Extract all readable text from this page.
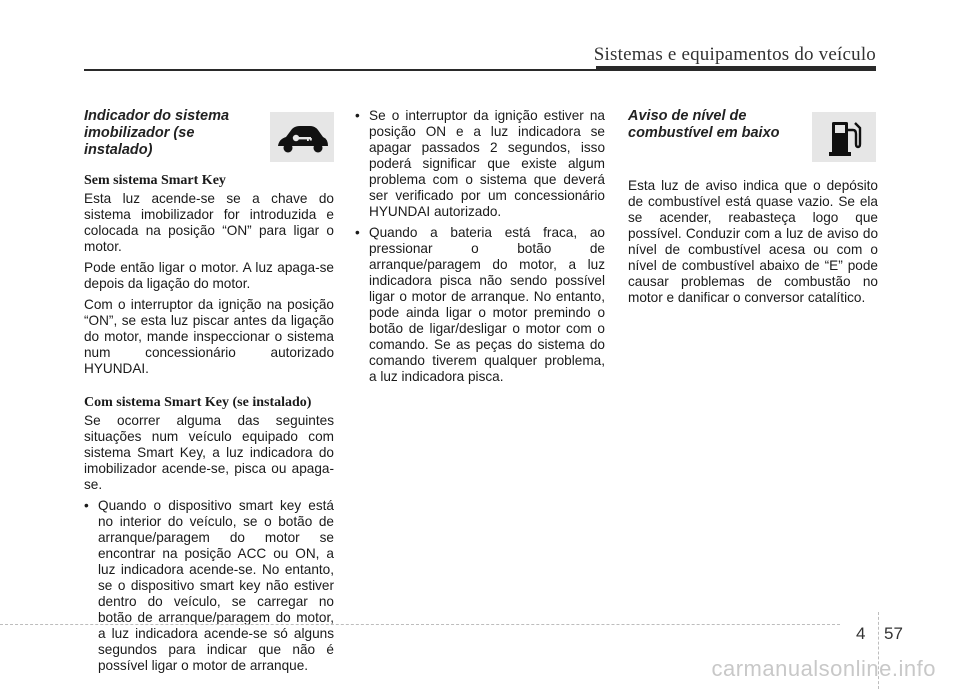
Sistemas e equipamentos do veículo
Indicador do sistema imobilizador (se instalado)
Sem sistema Smart Key

Esta luz acende-se se a chave do sistema imobilizador for introduzida e colocada na posição “ON” para ligar o motor.

Pode então ligar o motor. A luz apaga-se depois da ligação do motor.

Com o interruptor da ignição na posição “ON”, se esta luz piscar antes da ligação do motor, mande inspeccionar o sistema num concessionário autorizado HYUNDAI.

Com sistema Smart Key (se instalado)

Se ocorrer alguma das seguintes situações num veículo equipado com sistema Smart Key, a luz indicadora do imobilizador acende-se, pisca ou apaga-se.

• Quando o dispositivo smart key está no interior do veículo, se o botão de arranque/paragem do motor se encontrar na posição ACC ou ON, a luz indicadora acende-se. No entanto, se o dispositivo smart key não estiver dentro do veículo, se carregar no botão de arranque/paragem do motor, a luz indicadora acende-se só alguns segundos para indicar que não é possível ligar o motor de arranque.
• Se o interruptor da ignição estiver na posição ON e a luz indicadora se apagar passados 2 segundos, isso poderá significar que existe algum problema com o sistema que deverá ser verificado por um concessionário HYUNDAI autorizado.
• Quando a bateria está fraca, ao pressionar o botão de arranque/paragem do motor, a luz indicadora pisca não sendo possível ligar o motor de arranque. No entanto, pode ainda ligar o motor premindo o botão de ligar/desligar o motor com o comando. Se as peças do sistema do comando tiverem qualquer problema, a luz indicadora pisca.
Aviso de nível de combustível em baixo

Esta luz de aviso indica que o depósito de combustível está quase vazio. Se ela se acender, reabasteça logo que possível. Conduzir com a luz de aviso do nível de combustível acesa ou com o nível de combustível abaixo de “E” pode causar problemas de combustão no motor e danificar o conversor catalítico.

4 57
carmanualsonline.info
